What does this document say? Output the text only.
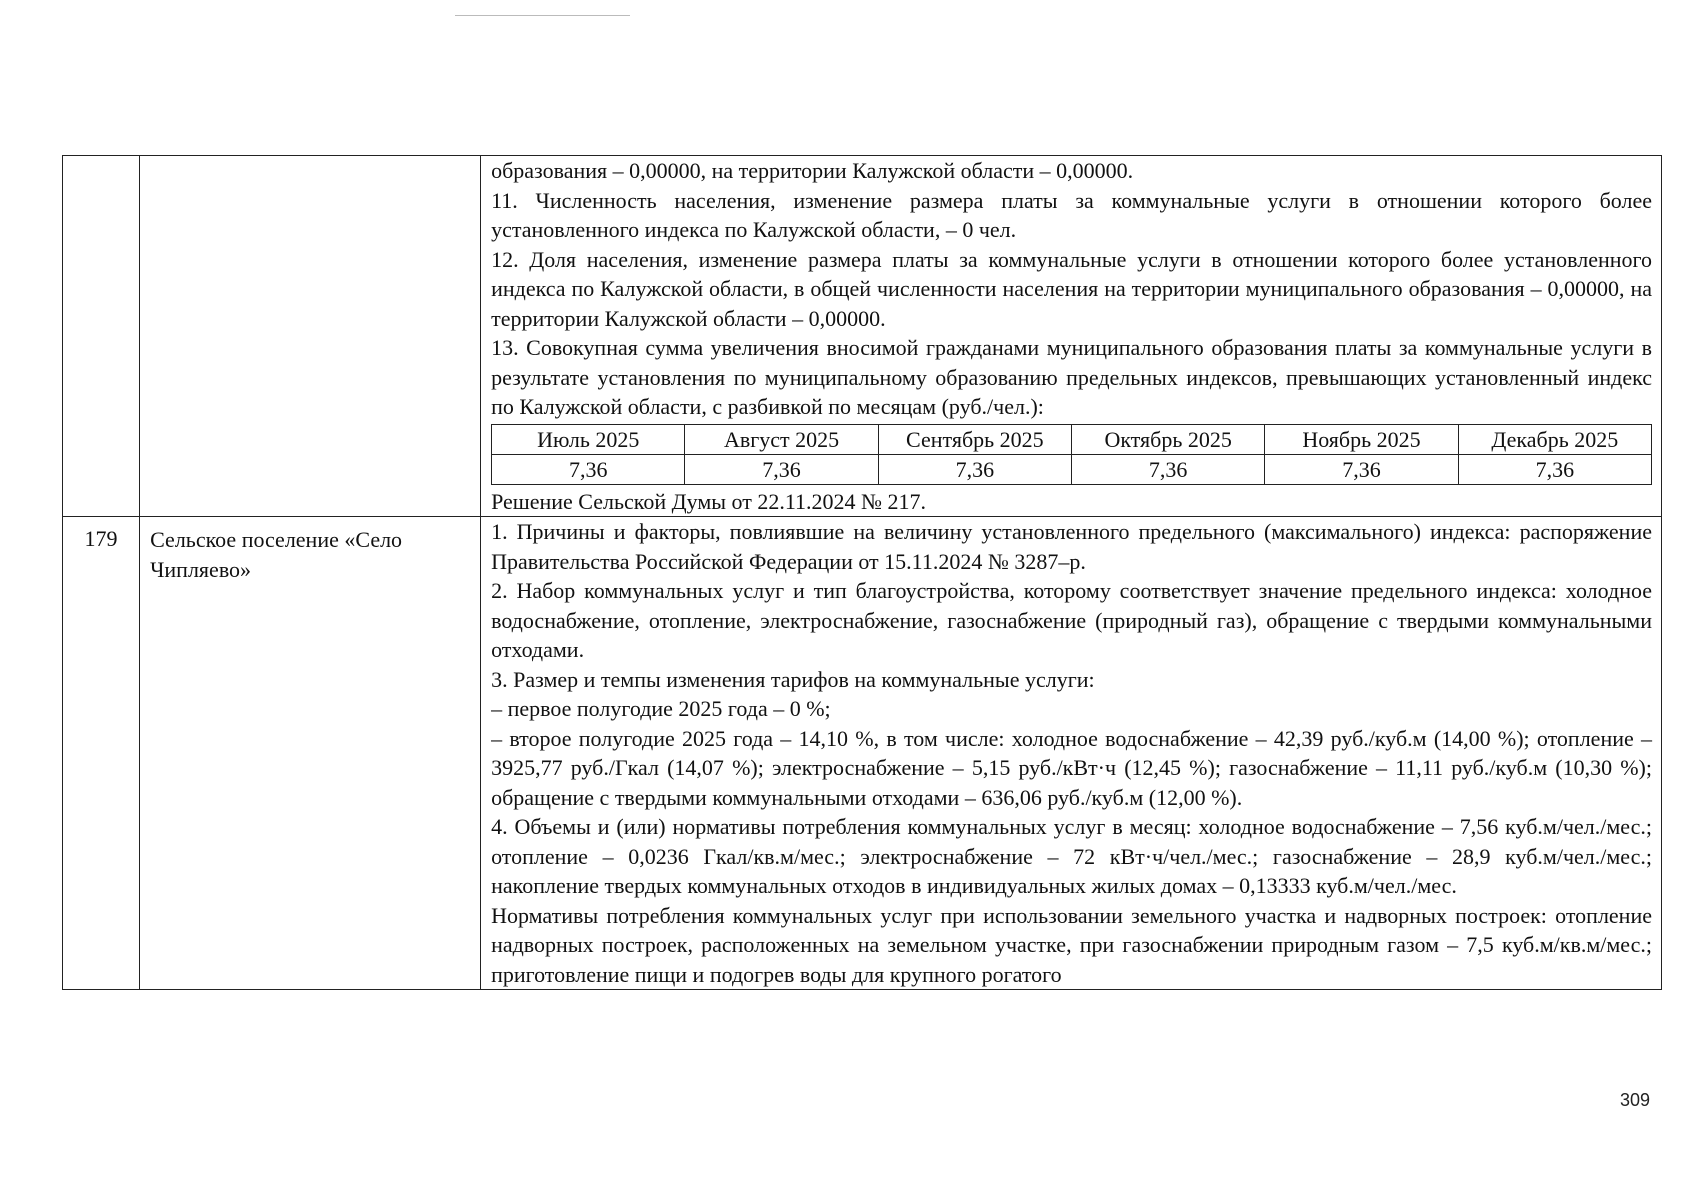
образования – 0,00000, на территории Калужской области – 0,00000.

11. Численность населения, изменение размера платы за коммунальные услуги в отношении которого более установленного индекса по Калужской области, – 0 чел.

12. Доля населения, изменение размера платы за коммунальные услуги в отношении которого более установленного индекса по Калужской области, в общей численности населения на территории муниципального образования – 0,00000, на территории Калужской области – 0,00000.

13. Совокупная сумма увеличения вносимой гражданами муниципального образования платы за коммунальные услуги в результате установления по муниципальному образованию предельных индексов, превышающих установленный индекс по Калужской области, с разбивкой по месяцам (руб./чел.):

Июль 2025	Август 2025	Сентябрь 2025	Октябрь 2025	Ноябрь 2025	Декабрь 2025
7,36	7,36	7,36	7,36	7,36	7,36

Решение Сельской Думы от 22.11.2024 № 217.

179	Сельское поселение «Село Чипляево»	

1. Причины и факторы, повлиявшие на величину установленного предельного (максимального) индекса: распоряжение Правительства Российской Федерации от 15.11.2024 № 3287–р.

2. Набор коммунальных услуг и тип благоустройства, которому соответствует значение предельного индекса: холодное водоснабжение, отопление, электроснабжение, газоснабжение (природный газ), обращение с твердыми коммунальными отходами.

3. Размер и темпы изменения тарифов на коммунальные услуги:

– первое полугодие 2025 года – 0 %;

– второе полугодие 2025 года – 14,10 %, в том числе: холодное водоснабжение – 42,39 руб./куб.м (14,00 %); отопление – 3925,77 руб./Гкал (14,07 %); электроснабжение – 5,15 руб./кВт·ч (12,45 %); газоснабжение – 11,11 руб./куб.м (10,30 %); обращение с твердыми коммунальными отходами – 636,06 руб./куб.м (12,00 %).

4. Объемы и (или) нормативы потребления коммунальных услуг в месяц: холодное водоснабжение – 7,56 куб.м/чел./мес.; отопление – 0,0236 Гкал/кв.м/мес.; электроснабжение – 72 кВт·ч/чел./мес.; газоснабжение – 28,9 куб.м/чел./мес.; накопление твердых коммунальных отходов в индивидуальных жилых домах – 0,13333 куб.м/чел./мес.

Нормативы потребления коммунальных услуг при использовании земельного участка и надворных построек: отопление надворных построек, расположенных на земельном участке, при газоснабжении природным газом – 7,5 куб.м/кв.м/мес.; приготовление пищи и подогрев воды для крупного рогатого

309
